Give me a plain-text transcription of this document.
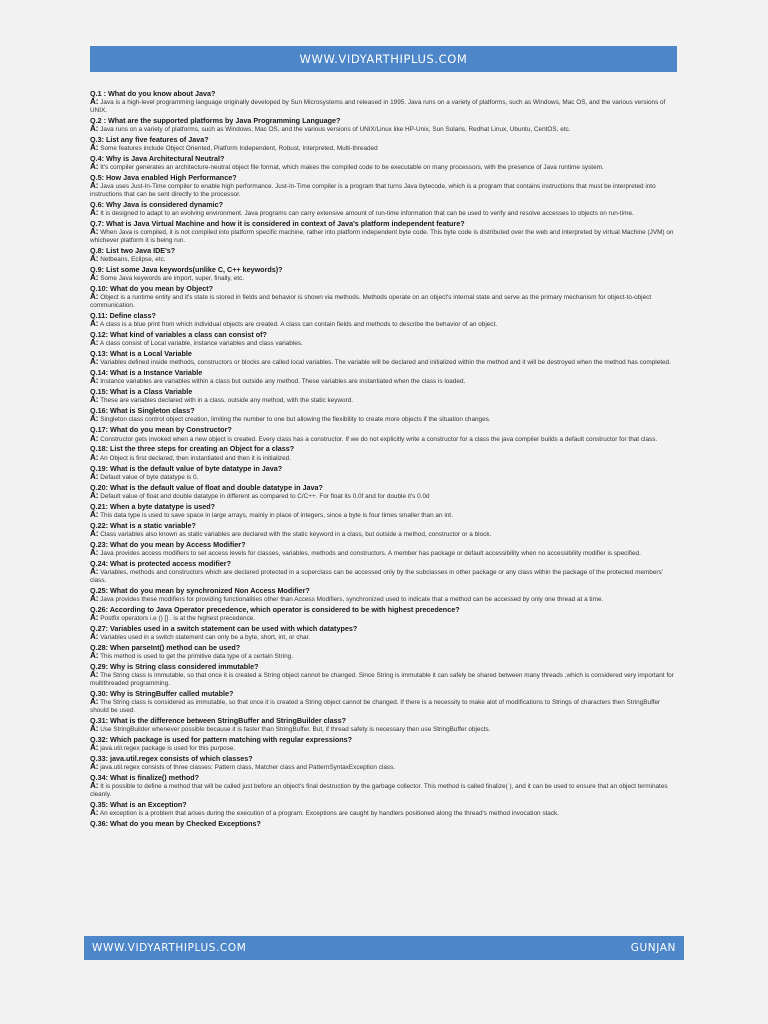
WWW.VIDYARTHIPLUS.COM
Q.1 : What do you know about Java?
A: Java is a high-level programming language originally developed by Sun Microsystems and released in 1995. Java runs on a variety of platforms, such as Windows, Mac OS, and the various versions of UNIX.
Q.2 : What are the supported platforms by Java Programming Language?
A: Java runs on a variety of platforms, such as Windows, Mac OS, and the various versions of UNIX/Linux like HP-Unix, Sun Solaris, Redhat Linux, Ubuntu, CentOS, etc.
Q.3: List any five features of Java?
A: Some features include Object Oriented, Platform Independent, Robust, Interpreted, Multi-threaded
Q.4: Why is Java Architectural Neutral?
A: It's compiler generates an architecture-neutral object file format, which makes the compiled code to be executable on many processors, with the presence of Java runtime system.
Q.5: How Java enabled High Performance?
A: Java uses Just-In-Time compiler to enable high performance. Just-In-Time compiler is a program that turns Java bytecode, which is a program that contains instructions that must be interpreted into instructions that can be sent directly to the processor.
Q.6: Why Java is considered dynamic?
A: It is designed to adapt to an evolving environment. Java programs can carry extensive amount of run-time information that can be used to verify and resolve accesses to objects on run-time.
Q.7: What is Java Virtual Machine and how it is considered in context of Java's platform independent feature?
A: When Java is compiled, it is not compiled into platform specific machine, rather into platform independent byte code. This byte code is distributed over the web and interpreted by virtual Machine (JVM) on whichever platform it is being run.
Q.8: List two Java IDE's?
A: Netbeans, Eclipse, etc.
Q.9: List some Java keywords(unlike C, C++ keywords)?
A: Some Java keywords are import, super, finally, etc.
Q.10: What do you mean by Object?
A: Object is a runtime entity and it's state is stored in fields and behavior is shown via methods. Methods operate on an object's internal state and serve as the primary mechanism for object-to-object communication.
Q.11: Define class?
A: A class is a blue print from which individual objects are created. A class can contain fields and methods to describe the behavior of an object.
Q.12: What kind of variables a class can consist of?
A: A class consist of Local variable, instance variables and class variables.
Q.13: What is a Local Variable
A: Variables defined inside methods, constructors or blocks are called local variables. The variable will be declared and initialized within the method and it will be destroyed when the method has completed.
Q.14: What is a Instance Variable
A: Instance variables are variables within a class but outside any method. These variables are instantiated when the class is loaded.
Q.15: What is a Class Variable
A: These are variables declared with in a class, outside any method, with the static keyword.
Q.16: What is Singleton class?
A: Singleton class control object creation, limiting the number to one but allowing the flexibility to create more objects if the situation changes.
Q.17: What do you mean by Constructor?
A: Constructor gets invoked when a new object is created. Every class has a constructor. If we do not explicitly write a constructor for a class the java compiler builds a default constructor for that class.
Q.18: List the three steps for creating an Object for a class?
A: An Object is first declared, then instantiated and then it is initialized.
Q.19: What is the default value of byte datatype in Java?
A: Default value of byte datatype is 0.
Q.20: What is the default value of float and double datatype in Java?
A: Default value of float and double datatype in different as compared to C/C++. For float its 0.0f and for double it's 0.0d
Q.21: When a byte datatype is used?
A: This data type is used to save space in large arrays, mainly in place of integers, since a byte is four times smaller than an int.
Q.22: What is a static variable?
A: Class variables also known as static variables are declared with the static keyword in a class, but outside a method, constructor or a block.
Q.23: What do you mean by Access Modifier?
A: Java provides access modifiers to set access levels for classes, variables, methods and constructors. A member has package or default accessibility when no accessibility modifier is specified.
Q.24: What is protected access modifier?
A: Variables, methods and constructors which are declared protected in a superclass can be accessed only by the subclasses in other package or any class within the package of the protected members' class.
Q.25: What do you mean by synchronized Non Access Modifier?
A: Java provides these modifiers for providing functionalities other than Access Modifiers, synchronized used to indicate that a method can be accessed by only one thread at a time.
Q.26: According to Java Operator precedence, which operator is considered to be with highest precedence?
A: Postfix operators i.e () [] . is at the highest precedence.
Q.27: Variables used in a switch statement can be used with which datatypes?
A: Variables used in a switch statement can only be a byte, short, int, or char.
Q.28: When parseInt() method can be used?
A: This method is used to get the primitive data type of a certain String.
Q.29: Why is String class considered immutable?
A: The String class is immutable, so that once it is created a String object cannot be changed. Since String is immutable it can safely be shared between many threads ,which is considered very important for multithreaded programming.
Q.30: Why is StringBuffer called mutable?
A: The String class is considered as immutable, so that once it is created a String object cannot be changed. If there is a necessity to make alot of modifications to Strings of characters then StringBuffer should be used.
Q.31: What is the difference between StringBuffer and StringBuilder class?
A: Use StringBuilder whenever possible because it is faster than StringBuffer. But, if thread safety is necessary then use StringBuffer objects.
Q.32: Which package is used for pattern matching with regular expressions?
A: java.util.regex package is used for this purpose.
Q.33: java.util.regex consists of which classes?
A: java.util.regex consists of three classes: Pattern class, Matcher class and PatternSyntaxException class.
Q.34: What is finalize() method?
A: It is possible to define a method that will be called just before an object's final destruction by the garbage collector. This method is called finalize( ), and it can be used to ensure that an object terminates cleanly.
Q.35: What is an Exception?
A: An exception is a problem that arises during the execution of a program. Exceptions are caught by handlers positioned along the thread's method invocation stack.
Q.36: What do you mean by Checked Exceptions?
WWW.VIDYARTHIPLUS.COM	GUNJAN
